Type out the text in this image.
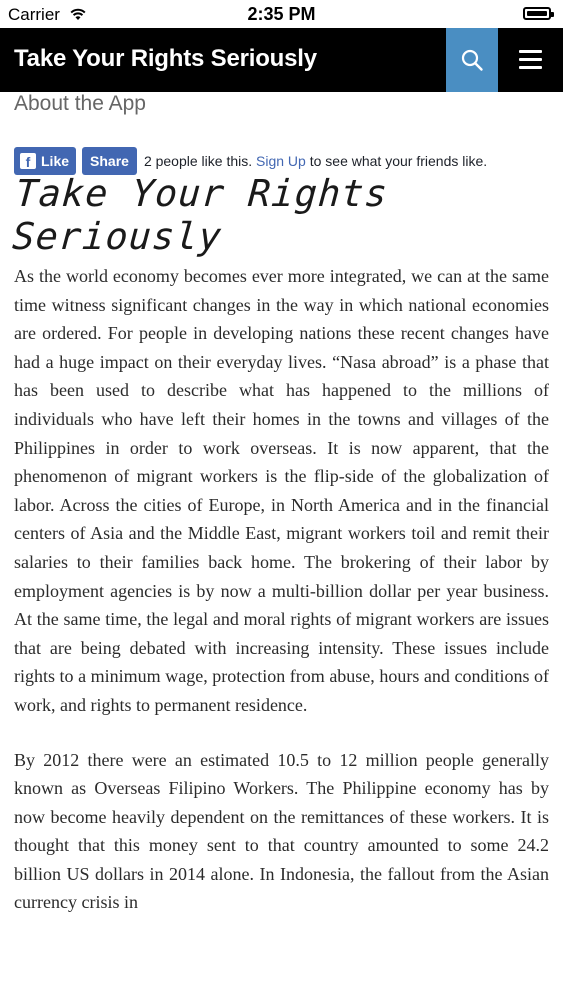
Carrier	2:35 PM
Take Your Rights Seriously
About the App
f Like Share 2 people like this. Sign Up to see what your friends like.
Take Your Rights Seriously

As the world economy becomes ever more integrated, we can at the same time witness significant changes in the way in which national economies are ordered. For people in developing nations these recent changes have had a huge impact on their everyday lives. “Nasa abroad” is a phase that has been used to describe what has happened to the millions of individuals who have left their homes in the towns and villages of the Philippines in order to work overseas. It is now apparent, that the phenomenon of migrant workers is the flip-side of the globalization of labor. Across the cities of Europe, in North America and in the financial centers of Asia and the Middle East, migrant workers toil and remit their salaries to their families back home. The brokering of their labor by employment agencies is by now a multi-billion dollar per year business. At the same time, the legal and moral rights of migrant workers are issues that are being debated with increasing intensity. These issues include rights to a minimum wage, protection from abuse, hours and conditions of work, and rights to permanent residence.

By 2012 there were an estimated 10.5 to 12 million people generally known as Overseas Filipino Workers. The Philippine economy has by now become heavily dependent on the remittances of these workers. It is thought that this money sent to that country amounted to some 24.2 billion US dollars in 2014 alone. In Indonesia, the fallout from the Asian currency crisis in
